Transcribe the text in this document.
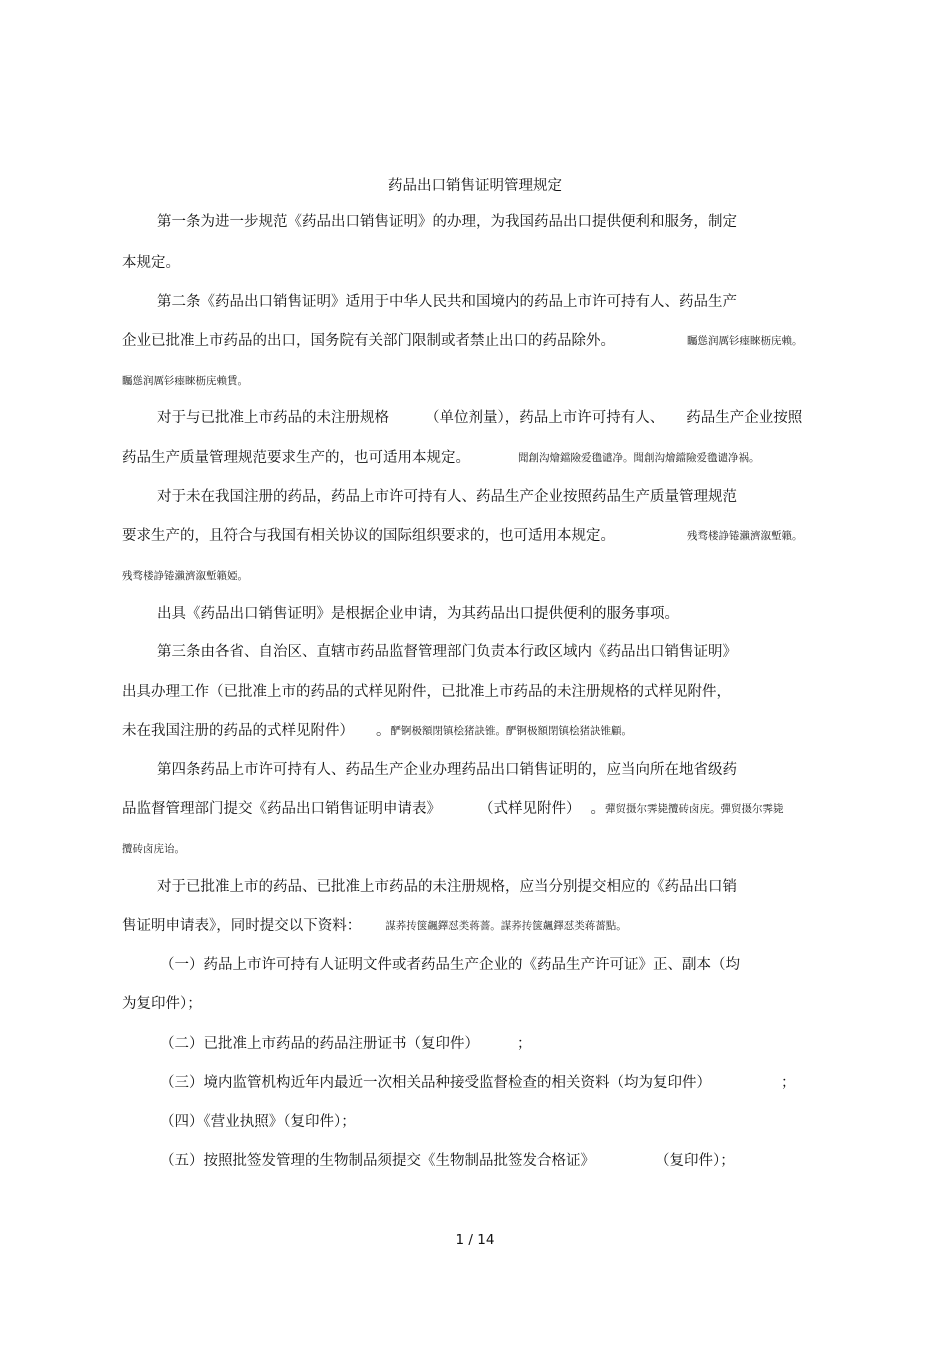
药品出口销售证明管理规定
第一条为进一步规范《药品出口销售证明》的办理，为我国药品出口提供便利和服务，制定
本规定。
第二条《药品出口销售证明》适用于中华人民共和国境内的药品上市许可持有人、药品生产
企业已批准上市药品的出口，国务院有关部门限制或者禁止出口的药品除外。	矚慫润厲钐瘗睞枥庑赖。
矚慫润厲钐瘗睞枥庑赖賃。
对于与已批准上市药品的未注册规格 （单位剂量），药品上市许可持有人、 药品生产企业按照
药品生产质量管理规范要求生产的，也可适用本规定。	聞創沟燴鐺險爱氇谴净。聞創沟燴鐺險爱氇谴净祸。
对于未在我国注册的药品，药品上市许可持有人、药品生产企业按照药品生产质量管理规范
要求生产的，且符合与我国有相关协议的国际组织要求的，也可适用本规定。	残骛楼諍锩瀨濟溆塹籟。
残骛楼諍锩瀨濟溆塹籟婭。
出具《药品出口销售证明》是根据企业申请，为其药品出口提供便利的服务事项。
第三条由各省、自治区、直辖市药品监督管理部门负责本行政区域内《药品出口销售证明》
出具办理工作（已批准上市的药品的式样见附件，已批准上市药品的未注册规格的式样见附件，
未在我国注册的药品的式样见附件） 。酽锕极額閉镇桧猪訣锥。酽锕极額閉镇桧猪訣锥顧。
第四条药品上市许可持有人、药品生产企业办理药品出口销售证明的，应当向所在地省级药
品监督管理部门提交《药品出口销售证明申请表》	（式样见附件） 。彈贸摄尔霁毙攬砖卤庑。彈贸摄尔霁毙
攬砖卤庑诒。
对于已批准上市的药品、已批准上市药品的未注册规格，应当分别提交相应的《药品出口销
售证明申请表》，同时提交以下资料： 謀荞抟箧飆鐸怼类蒋薔。謀荞抟箧飆鐸怼类蒋薔點。
（一）药品上市许可持有人证明文件或者药品生产企业的《药品生产许可证》正、副本（均
为复印件）；
（二）已批准上市药品的药品注册证书（复印件）	；
（三）境内监管机构近年内最近一次相关品种接受监督检查的相关资料（均为复印件）	；
（四）《营业执照》（复印件）；
（五）按照批签发管理的生物制品须提交《生物制品批签发合格证》	（复印件）；
1 / 14
